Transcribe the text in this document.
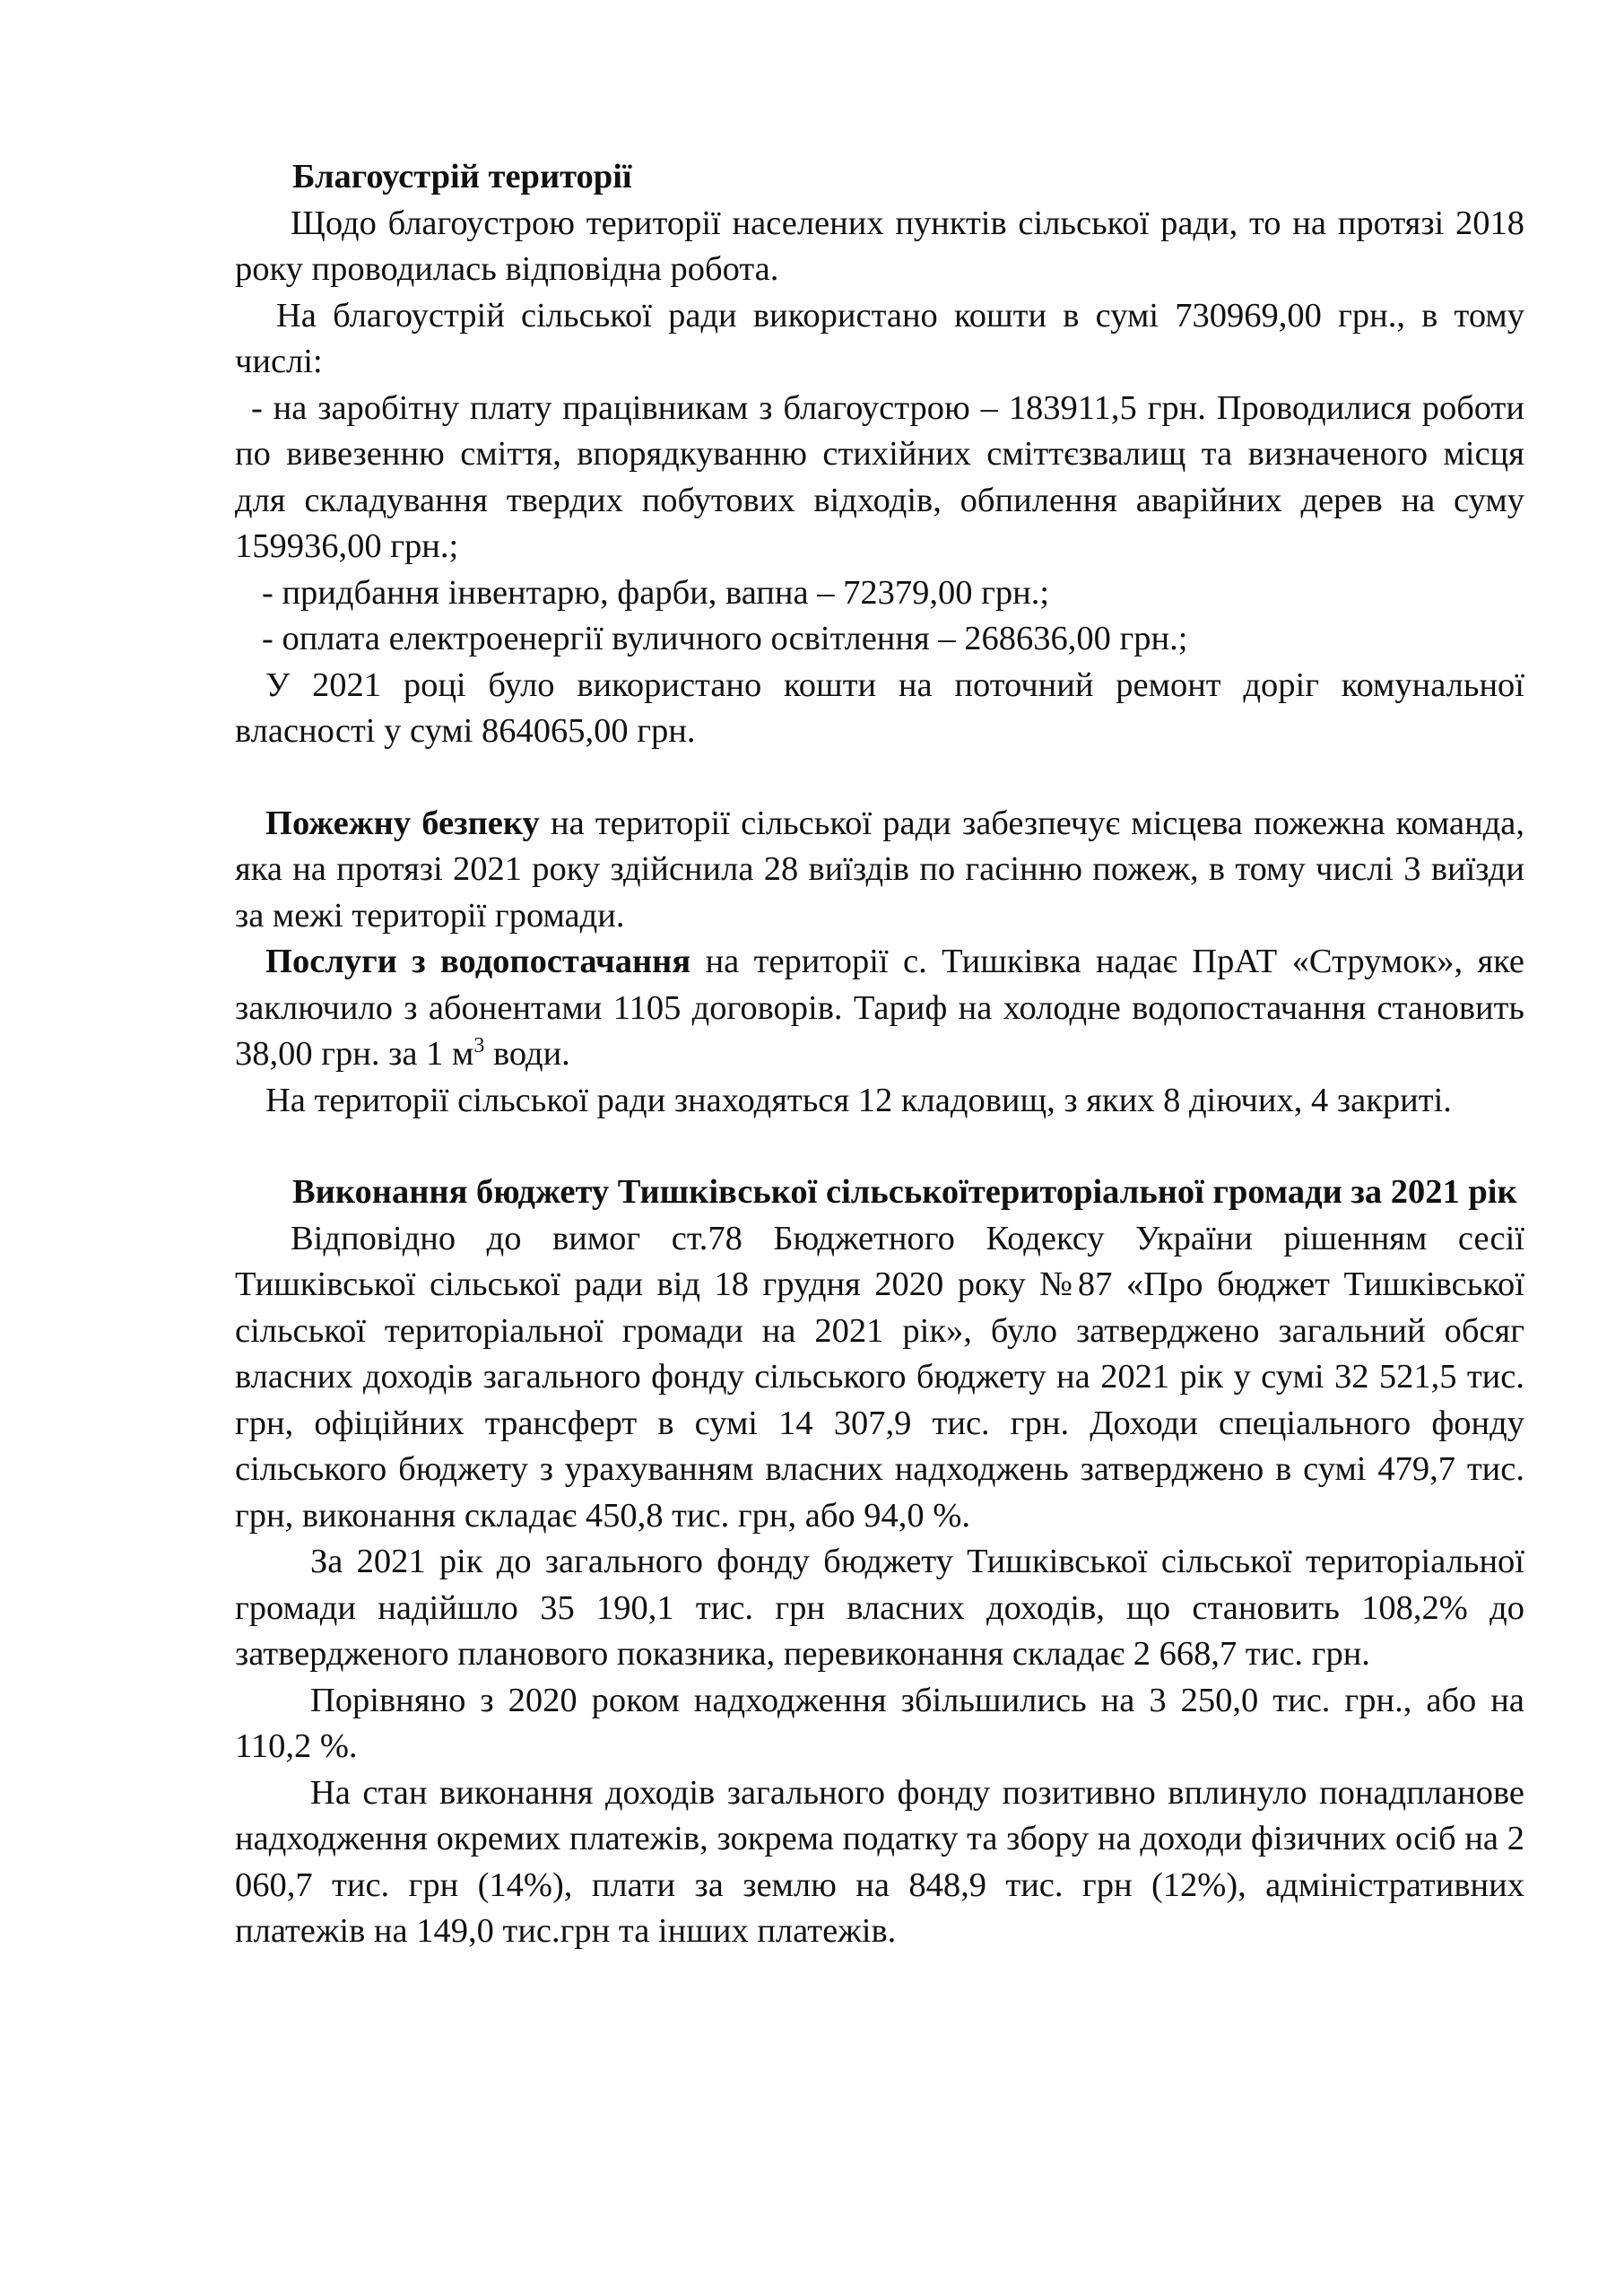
Благоустрій території

Щодо благоустрою території населених пунктів сільської ради, то на протязі 2018 року проводилась відповідна робота.

На благоустрій сільської ради використано кошти в сумі 730969,00 грн., в тому числі:

- на заробітну плату працівникам з благоустрою – 183911,5 грн. Проводилися роботи по вивезенню сміття, впорядкуванню стихійних сміттєзвалищ та визначеного місця для складування твердих побутових відходів, обпилення аварійних дерев на суму 159936,00 грн.;

- придбання інвентарю, фарби, вапна – 72379,00 грн.;

- оплата електроенергії вуличного освітлення – 268636,00 грн.;

У 2021 році було використано кошти на поточний ремонт доріг комунальної власності у сумі 864065,00 грн.

Пожежну безпеку на території сільської ради забезпечує місцева пожежна команда, яка на протязі 2021 року здійснила 28 виїздів по гасінню пожеж, в тому числі 3 виїзди за межі території громади.

Послуги з водопостачання на території с. Тишківка надає ПрАТ «Струмок», яке заключило з абонентами 1105 договорів. Тариф на холодне водопостачання становить 38,00 грн. за 1 $м^3$ води.

На території сільської ради знаходяться 12 кладовищ, з яких 8 діючих, 4 закриті.

Виконання бюджету Тишківської сільськоїтериторіальної громади за 2021 рік

Відповідно до вимог ст.78 Бюджетного Кодексу України рішенням сесії Тишківської сільської ради від 18 грудня 2020 року №87 «Про бюджет Тишківської сільської територіальної громади на 2021 рік», було затверджено загальний обсяг власних доходів загального фонду сільського бюджету на 2021 рік у сумі 32 521,5 тис. грн, офіційних трансферт в сумі 14 307,9 тис. грн. Доходи спеціального фонду сільського бюджету з урахуванням власних надходжень затверджено в сумі 479,7 тис. грн, виконання складає 450,8 тис. грн, або 94,0 %.

За 2021 рік до загального фонду бюджету Тишківської сільської територіальної громади надійшло 35 190,1 тис. грн власних доходів, що становить 108,2% до затвердженого планового показника, перевиконання складає 2 668,7 тис. грн.

Порівняно з 2020 роком надходження збільшились на 3 250,0 тис. грн., або на 110,2 %.

На стан виконання доходів загального фонду позитивно вплинуло понадпланове надходження окремих платежів, зокрема податку та збору на доходи фізичних осіб на 2 060,7 тис. грн (14%), плати за землю на 848,9 тис. грн (12%), адміністративних платежів на 149,0 тис.грн та інших платежів.
